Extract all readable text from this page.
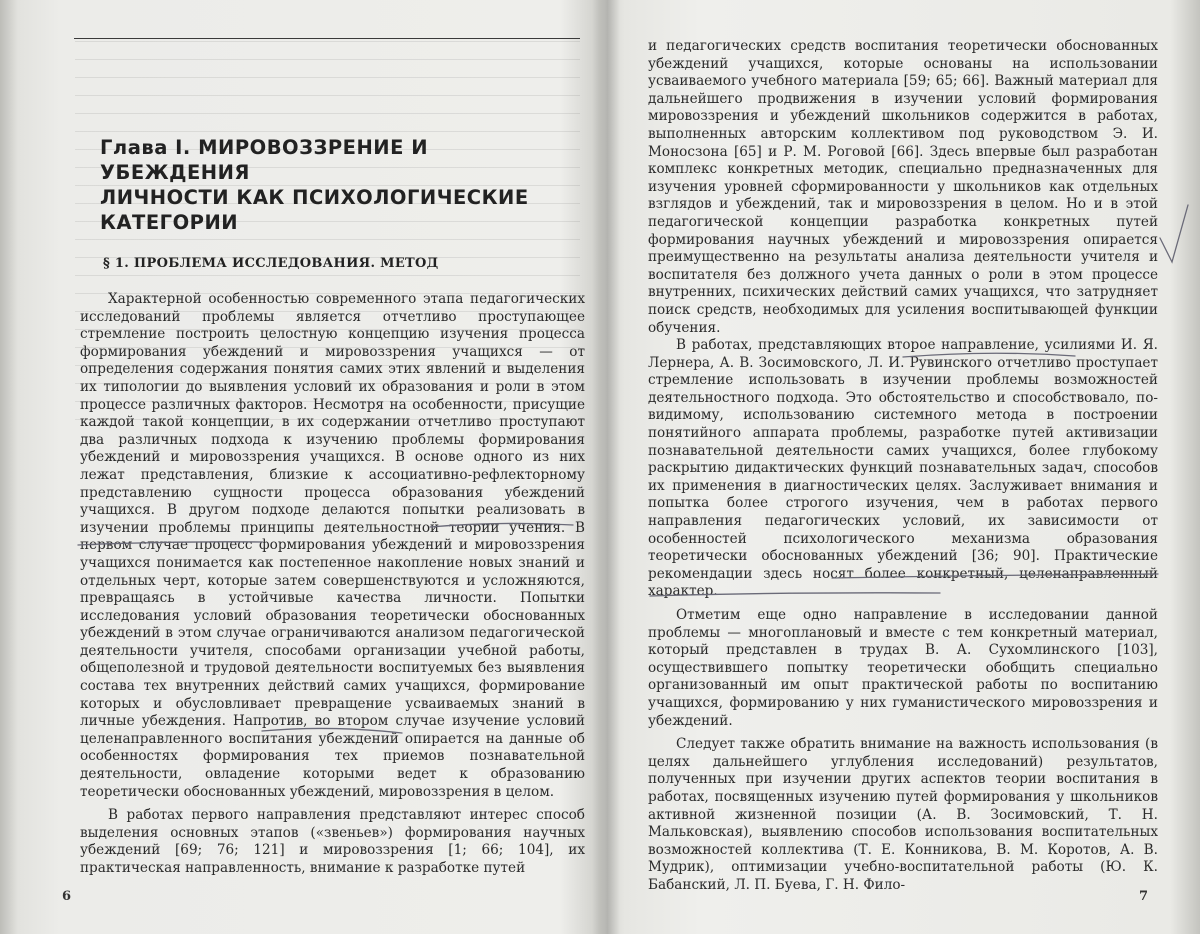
Глава I. МИРОВОЗЗРЕНИЕ И УБЕЖДЕНИЯ
ЛИЧНОСТИ КАК ПСИХОЛОГИЧЕСКИЕ
КАТЕГОРИИ
§ 1. ПРОБЛЕМА ИССЛЕДОВАНИЯ. МЕТОД

Характерной особенностью современного этапа педагогических исследований проблемы является отчетливо проступающее стремление построить целостную концепцию изучения процесса формирования убеждений и мировоззрения учащихся — от определения содержания понятия самих этих явлений и выделения их типологии до выявления условий их образования и роли в этом процессе различных факторов. Несмотря на особенности, присущие каждой такой концепции, в их содержании отчетливо проступают два различных подхода к изучению проблемы формирования убеждений и мировоззрения учащихся. В основе одного из них лежат представления, близкие к ассоциативно-рефлекторному представлению сущности процесса образования убеждений учащихся. В другом подходе делаются попытки реализовать в изучении проблемы принципы деятельностной теории учения. В первом случае процесс формирования убеждений и мировоззрения учащихся понимается как постепенное накопление новых знаний и отдельных черт, которые затем совершенствуются и усложняются, превращаясь в устойчивые качества личности. Попытки исследования условий образования теоретически обоснованных убеждений в этом случае ограничиваются анализом педагогической деятельности учителя, способами организации учебной работы, общеполезной и трудовой деятельности воспитуемых без выявления состава тех внутренних действий самих учащихся, формирование которых и обусловливает превращение усваиваемых знаний в личные убеждения. Напротив, во втором случае изучение условий целенаправленного воспитания убеждений опирается на данные об особенностях формирования тех приемов познавательной деятельности, овладение которыми ведет к образованию теоретически обоснованных убеждений, мировоззрения в целом.

В работах первого направления представляют интерес способ выделения основных этапов («звеньев») формирования научных убеждений [69; 76; 121] и мировоззрения [1; 66; 104], их практическая направленность, внимание к разработке путей

6

и педагогических средств воспитания теоретически обоснованных убеждений учащихся, которые основаны на использовании усваиваемого учебного материала [59; 65; 66]. Важный материал для дальнейшего продвижения в изучении условий формирования мировоззрения и убеждений школьников содержится в работах, выполненных авторским коллективом под руководством Э. И. Моносзона [65] и Р. М. Роговой [66]. Здесь впервые был разработан комплекс конкретных методик, специально предназначенных для изучения уровней сформированности у школьников как отдельных взглядов и убеждений, так и мировоззрения в целом. Но и в этой педагогической концепции разработка конкретных путей формирования научных убеждений и мировоззрения опирается преимущественно на результаты анализа деятельности учителя и воспитателя без должного учета данных о роли в этом процессе внутренних, психических действий самих учащихся, что затрудняет поиск средств, необходимых для усиления воспитывающей функции обучения.

В работах, представляющих второе направление, усилиями И. Я. Лернера, А. В. Зосимовского, Л. И. Рувинского отчетливо проступает стремление использовать в изучении проблемы возможностей деятельностного подхода. Это обстоятельство и способствовало, по-видимому, использованию системного метода в построении понятийного аппарата проблемы, разработке путей активизации познавательной деятельности самих учащихся, более глубокому раскрытию дидактических функций познавательных задач, способов их применения в диагностических целях. Заслуживает внимания и попытка более строгого изучения, чем в работах первого направления педагогических условий, их зависимости от особенностей психологического механизма образования теоретически обоснованных убеждений [36; 90]. Практические рекомендации здесь носят более конкретный, целенаправленный характер.

Отметим еще одно направление в исследовании данной проблемы — многоплановый и вместе с тем конкретный материал, который представлен в трудах В. А. Сухомлинского [103], осуществившего попытку теоретически обобщить специально организованный им опыт практической работы по воспитанию учащихся, формированию у них гуманистического мировоззрения и убеждений.

Следует также обратить внимание на важность использования (в целях дальнейшего углубления исследований) результатов, полученных при изучении других аспектов теории воспитания в работах, посвященных изучению путей формирования у школьников активной жизненной позиции (А. В. Зосимовский, Т. Н. Мальковская), выявлению способов использования воспитательных возможностей коллектива (Т. Е. Конникова, В. М. Коротов, А. В. Мудрик), оптимизации учебно-воспитательной работы (Ю. К. Бабанский, Л. П. Буева, Г. Н. Фило-

7
